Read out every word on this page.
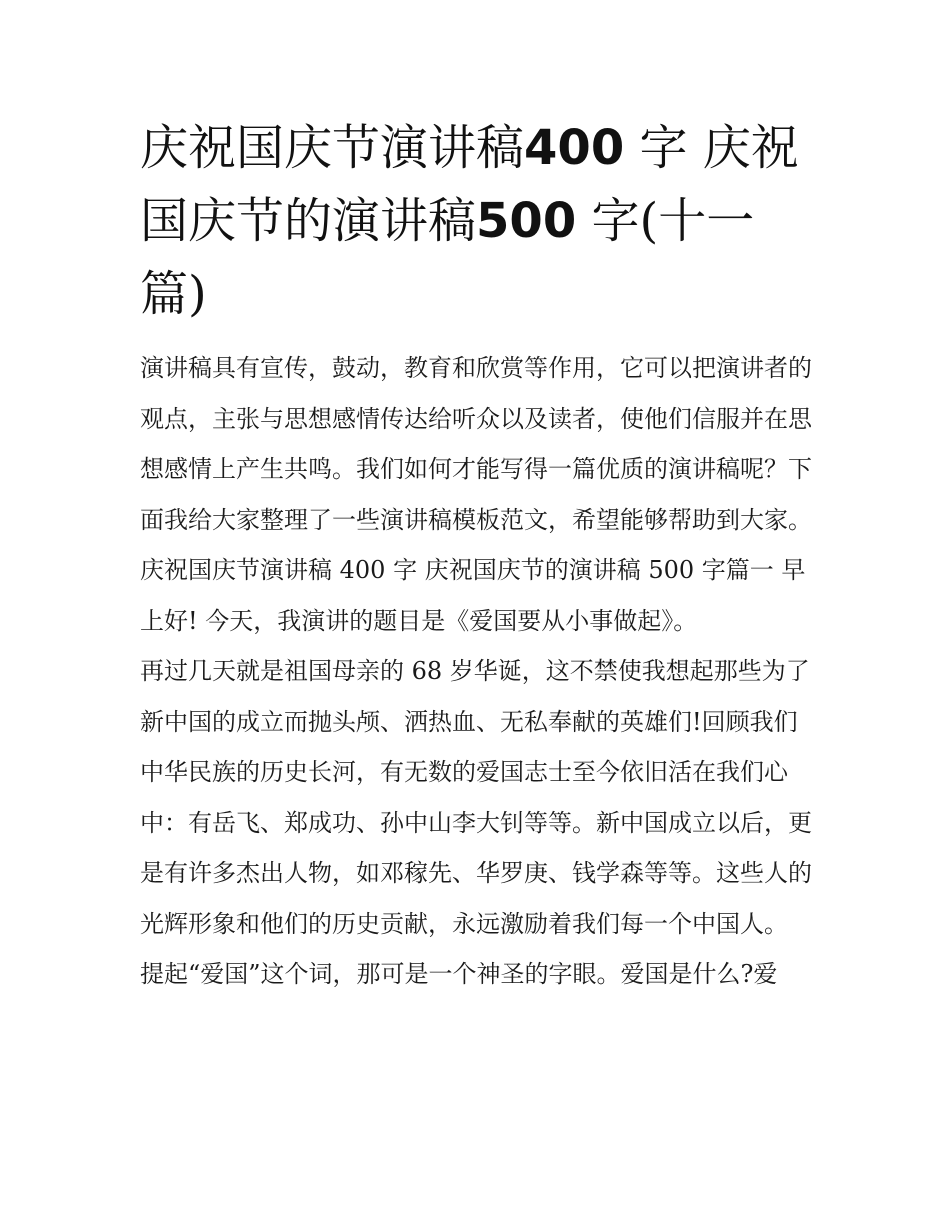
庆祝国庆节演讲稿400 字 庆祝国庆节的演讲稿500 字(十一篇)

演讲稿具有宣传，鼓动，教育和欣赏等作用，它可以把演讲者的观点，主张与思想感情传达给听众以及读者，使他们信服并在思想感情上产生共鸣。我们如何才能写得一篇优质的演讲稿呢？下面我给大家整理了一些演讲稿模板范文，希望能够帮助到大家。

庆祝国庆节演讲稿 400 字 庆祝国庆节的演讲稿 500 字篇一 早上好! 今天，我演讲的题目是《爱国要从小事做起》。

再过几天就是祖国母亲的 68 岁华诞，这不禁使我想起那些为了新中国的成立而抛头颅、洒热血、无私奉献的英雄们!回顾我们中华民族的历史长河，有无数的爱国志士至今依旧活在我们心中：有岳飞、郑成功、孙中山李大钊等等。新中国成立以后，更是有许多杰出人物，如邓稼先、华罗庚、钱学森等等。这些人的光辉形象和他们的历史贡献，永远激励着我们每一个中国人。

提起“爱国”这个词，那可是一个神圣的字眼。爱国是什么?爱
